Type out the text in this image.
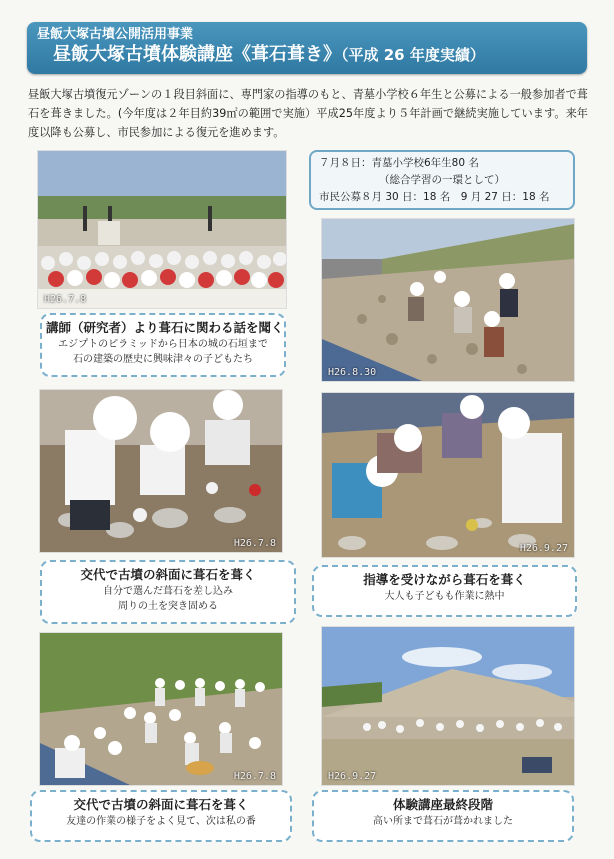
昼飯大塚古墳公開活用事業
昼飯大塚古墳体験講座《葺石葺き》（平成 26 年度実績）
昼飯大塚古墳復元ゾーンの１段目斜面に、専門家の指導のもと、青墓小学校６年生と公募による一般参加者で葺石を葺きました。(今年度は２年目約39㎡の範囲で実施）平成25年度より５年計画で継続実施しています。来年度以降も公募し、市民参加による復元を進めます。
７月８日：青墓小学校6年生80 名
（総合学習の一環として）
市民公募８月 30 日：18 名　9 月 27 日：18 名
H26.7.8
講師（研究者）より葺石に関わる話を聞く
エジプトのピラミッドから日本の城の石垣まで
石の建築の歴史に興味津々の子どもたち
H26.8.30
H26.7.8
交代で古墳の斜面に葺石を葺く
自分で選んだ葺石を差し込み
周りの土を突き固める
H26.9.27
指導を受けながら葺石を葺く
大人も子どもも作業に熱中
H26.7.8
交代で古墳の斜面に葺石を葺く
友達の作業の様子をよく見て、次は私の番
H26.9.27
体験講座最終段階
高い所まで葺石が葺かれました
